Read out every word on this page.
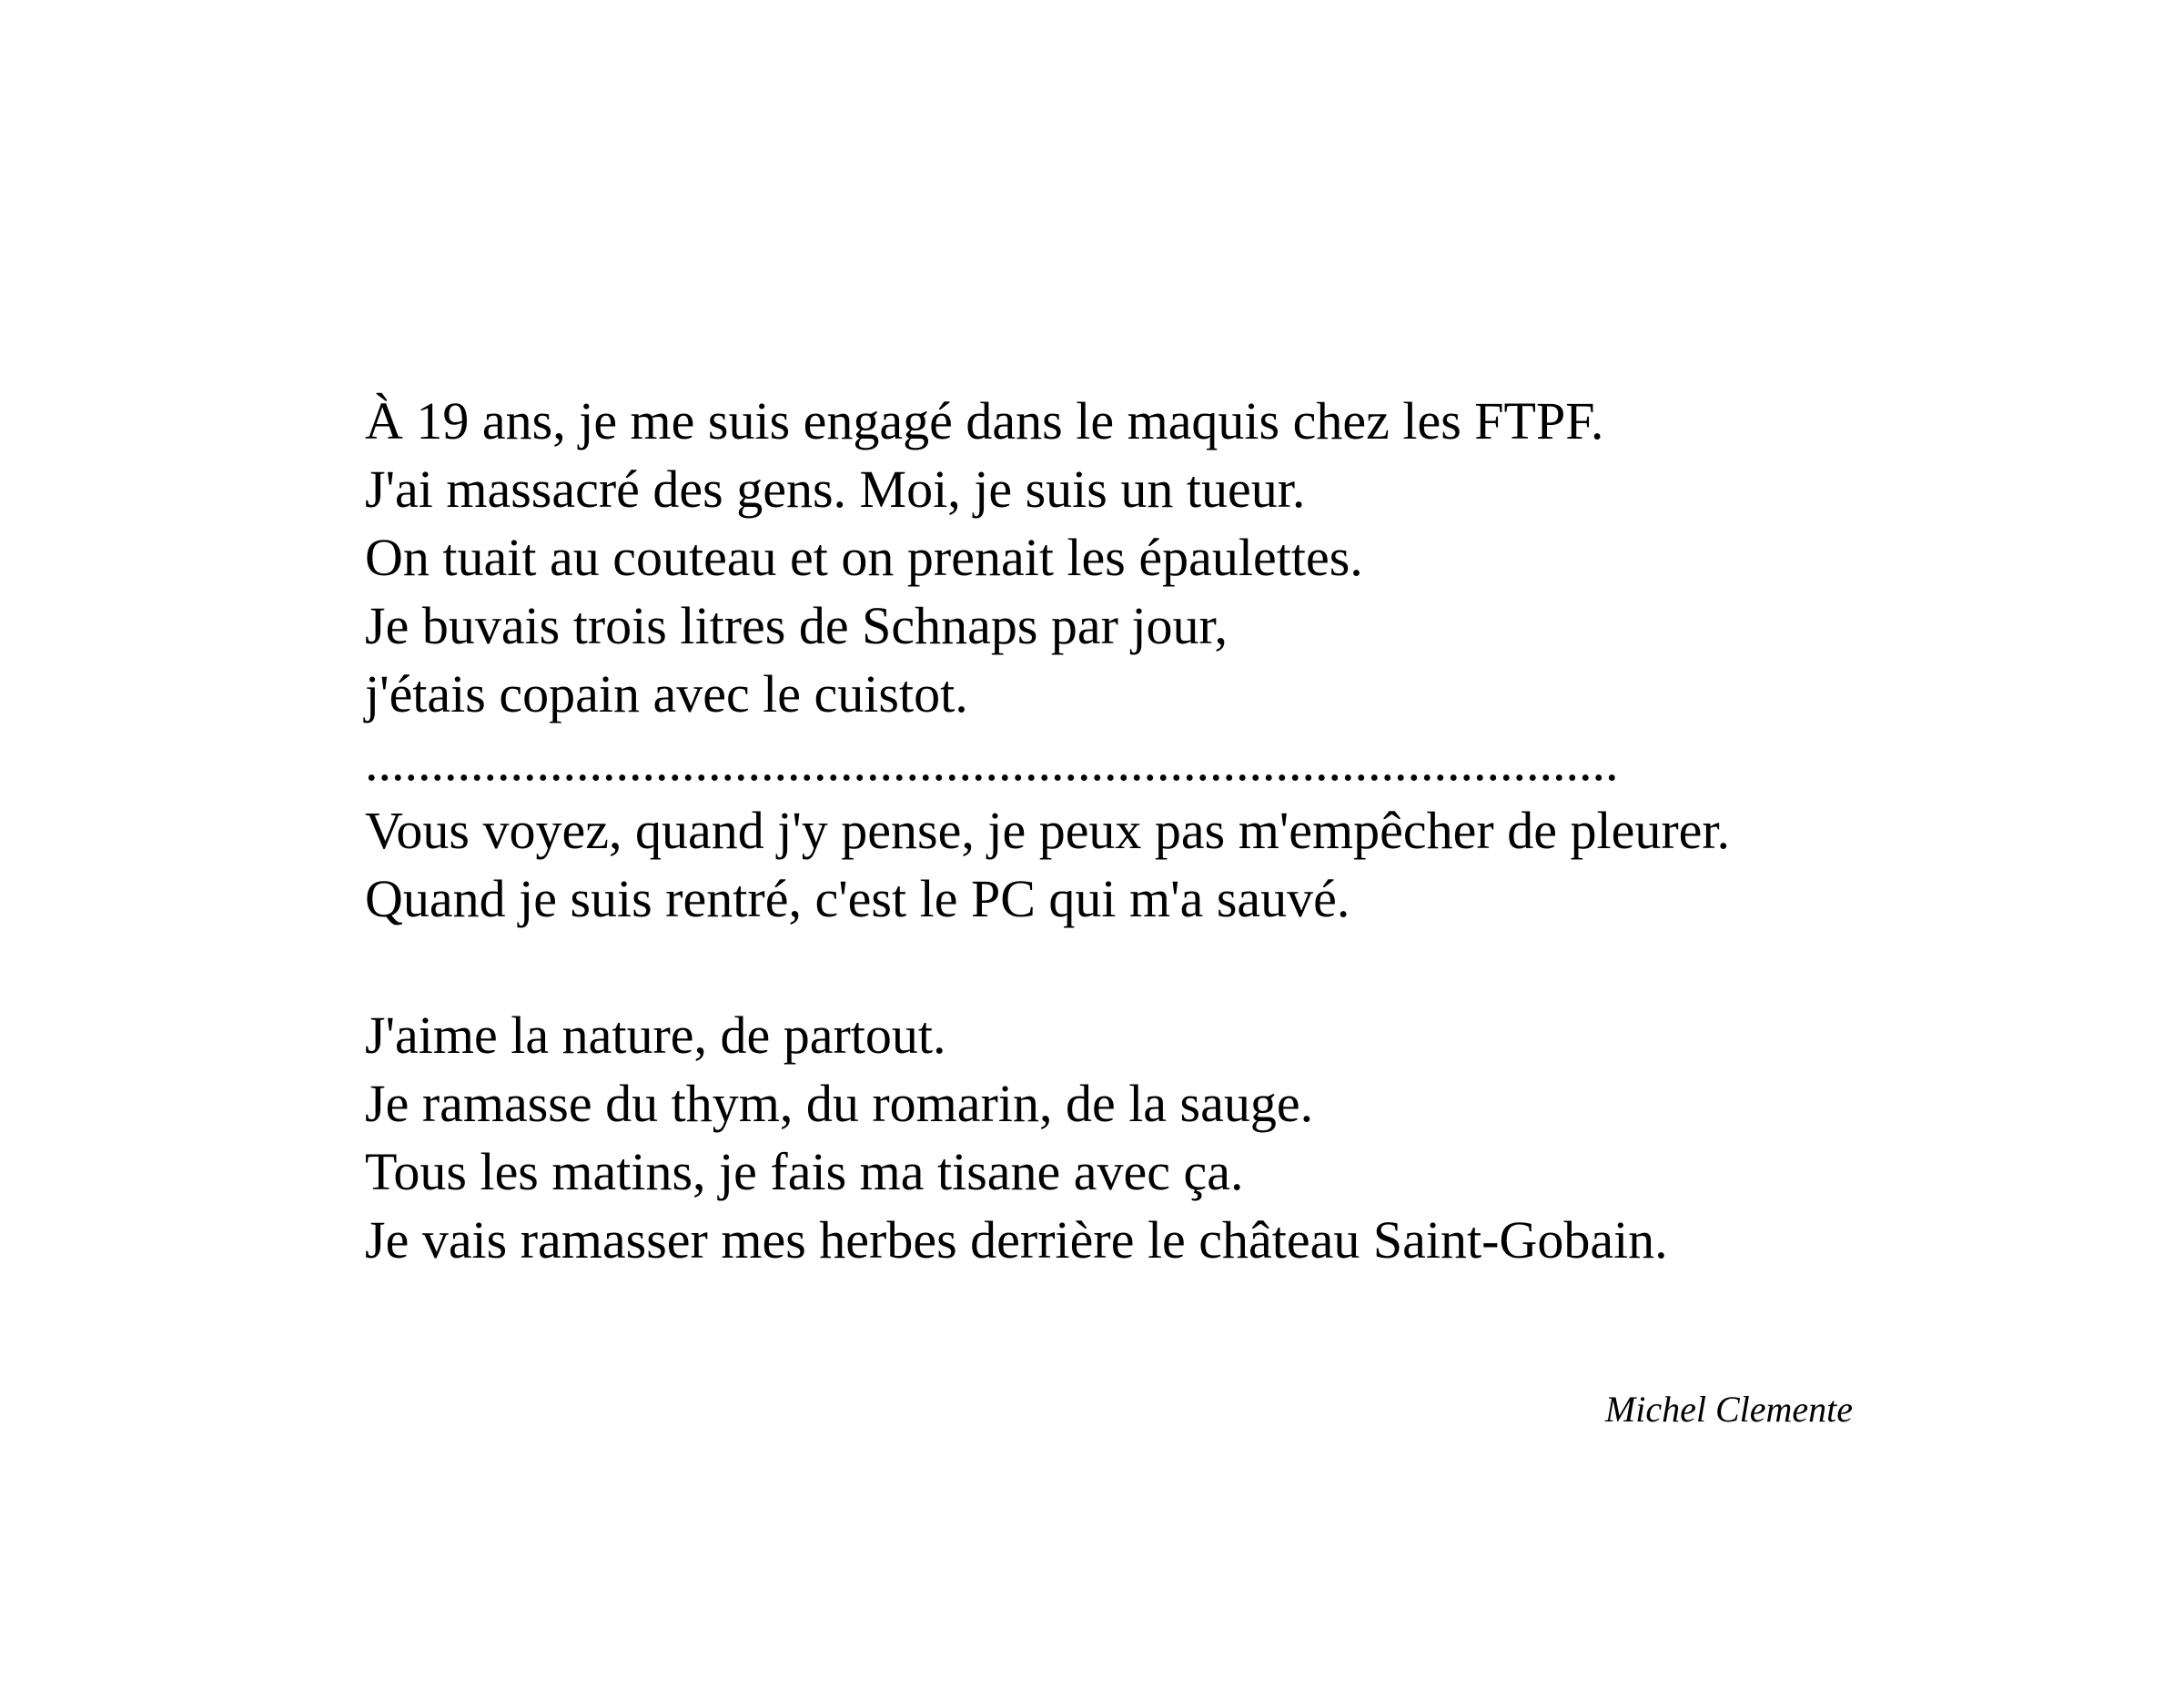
À 19 ans, je me suis engagé dans le maquis chez les FTPF.
J'ai massacré des gens. Moi, je suis un tueur.
On tuait au couteau et on prenait les épaulettes.
Je buvais trois litres de Schnaps par jour,
j'étais copain avec le cuistot.
...............................................................................................
Vous voyez, quand j'y pense, je peux pas m'empêcher de pleurer.
Quand je suis rentré, c'est le PC qui m'a sauvé.
J'aime la nature, de partout.
Je ramasse du thym, du romarin, de la sauge.
Tous les matins, je fais ma tisane avec ça.
Je vais ramasser mes herbes derrière le château Saint-Gobain.
Michel Clemente
